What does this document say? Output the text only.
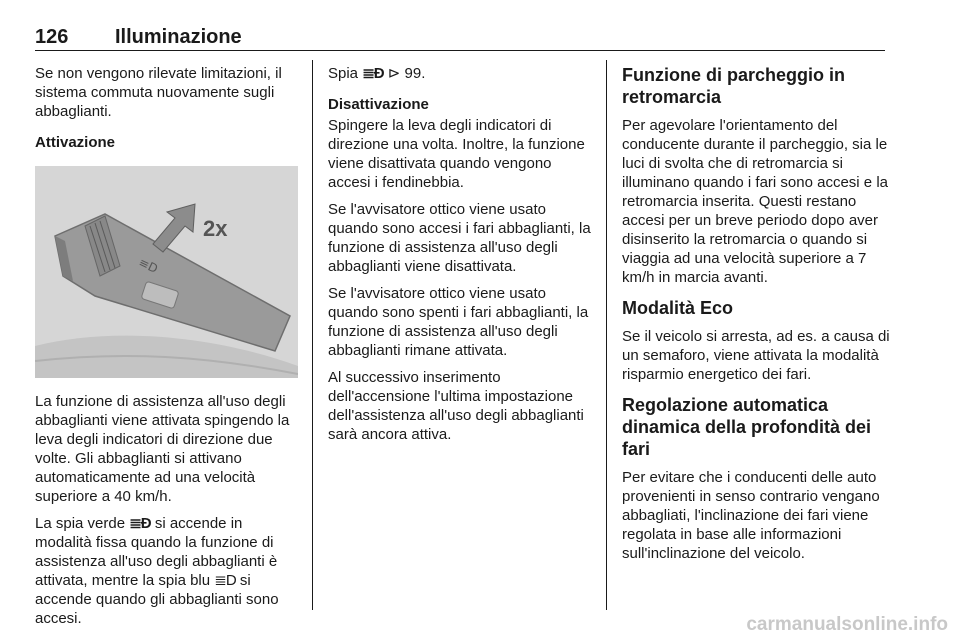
126 Illuminazione

Se non vengono rilevate limitazioni, il sistema commuta nuovamente sugli abbaglianti.

Attivazione
2x
≡D

La funzione di assistenza all'uso degli abbaglianti viene attivata spingendo la leva degli indicatori di direzione due volte. Gli abbaglianti si attivano automaticamente ad una velocità superiore a 40 km/h.

La spia verde ≣Ð si accende in modalità fissa quando la funzione di assistenza all'uso degli abbaglianti è attivata, mentre la spia blu ≣D si accende quando gli abbaglianti sono accesi.

Spia ≣Ð ⊳ 99.

Disattivazione

Spingere la leva degli indicatori di direzione una volta. Inoltre, la funzione viene disattivata quando vengono accesi i fendinebbia.

Se l'avvisatore ottico viene usato quando sono accesi i fari abbaglianti, la funzione di assistenza all'uso degli abbaglianti viene disattivata.

Se l'avvisatore ottico viene usato quando sono spenti i fari abbaglianti, la funzione di assistenza all'uso degli abbaglianti rimane attivata.

Al successivo inserimento dell'accensione l'ultima impostazione dell'assistenza all'uso degli abbaglianti sarà ancora attiva.

Funzione di parcheggio in retromarcia

Per agevolare l'orientamento del conducente durante il parcheggio, sia le luci di svolta che di retromarcia si illuminano quando i fari sono accesi e la retromarcia inserita. Questi restano accesi per un breve periodo dopo aver disinserito la retromarcia o quando si viaggia ad una velocità superiore a 7 km/h in marcia avanti.

Modalità Eco

Se il veicolo si arresta, ad es. a causa di un semaforo, viene attivata la modalità risparmio energetico dei fari.

Regolazione automatica dinamica della profondità dei fari

Per evitare che i conducenti delle auto provenienti in senso contrario vengano abbagliati, l'inclinazione dei fari viene regolata in base alle informazioni sull'inclinazione del veicolo.

carmanualsonline.info
